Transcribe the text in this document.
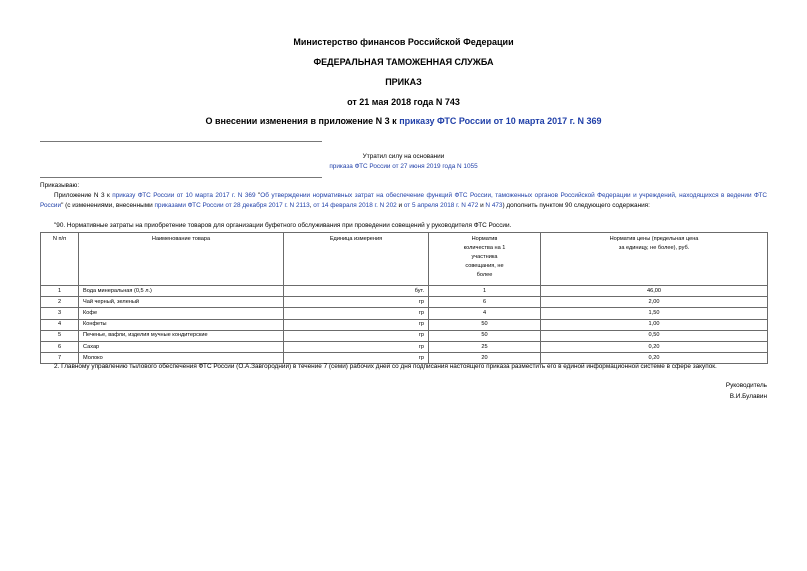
Министерство финансов Российской Федерации
ФЕДЕРАЛЬНАЯ ТАМОЖЕННАЯ СЛУЖБА
ПРИКАЗ
от 21 мая 2018 года N 743
О внесении изменения в приложение N 3 к приказу ФТС России от 10 марта 2017 г. N 369
Утратил силу на основании
приказа ФТС России от 27 июня 2019 года N 1055
Приказываю:
Приложение N 3 к приказу ФТС России от 10 марта 2017 г. N 369 "Об утверждении нормативных затрат на обеспечение функций ФТС России, таможенных органов Российской Федерации и учреждений, находящихся в ведении ФТС России" (с изменениями, внесенными приказами ФТС России от 28 декабря 2017 г. N 2113, от 14 февраля 2018 г. N 202 и от 5 апреля 2018 г. N 472 и N 473) дополнить пунктом 90 следующего содержания:
"90. Нормативные затраты на приобретение товаров для организации буфетного обслуживания при проведении совещений у руководителя ФТС России.
N п/п	Наименование товара	Единица измерения	Норматив количества на 1 участника совещания, не более	Норматив цены (предельная цена за единицу, не более), руб.

1	Вода минеральная (0,5 л.)	бут.	1	46,00
2	Чай черный, зеленый	гр	6	2,00
3	Кофе	гр	4	1,50
4	Конфеты	гр	50	1,00
5	Печенье, вафли, изделия мучные кондитерские	гр	50	0,50
6	Сахар	гр	25	0,20
7	Молоко	гр	20	0,20
2. Главному управлению тылового обеспечения ФТС России (О.А.Завгородний) в течение 7 (семи) рабочих дней со дня подписания настоящего приказа разместить его в единой информационной системе в сфере закупок.
Руководитель
В.И.Булавин
